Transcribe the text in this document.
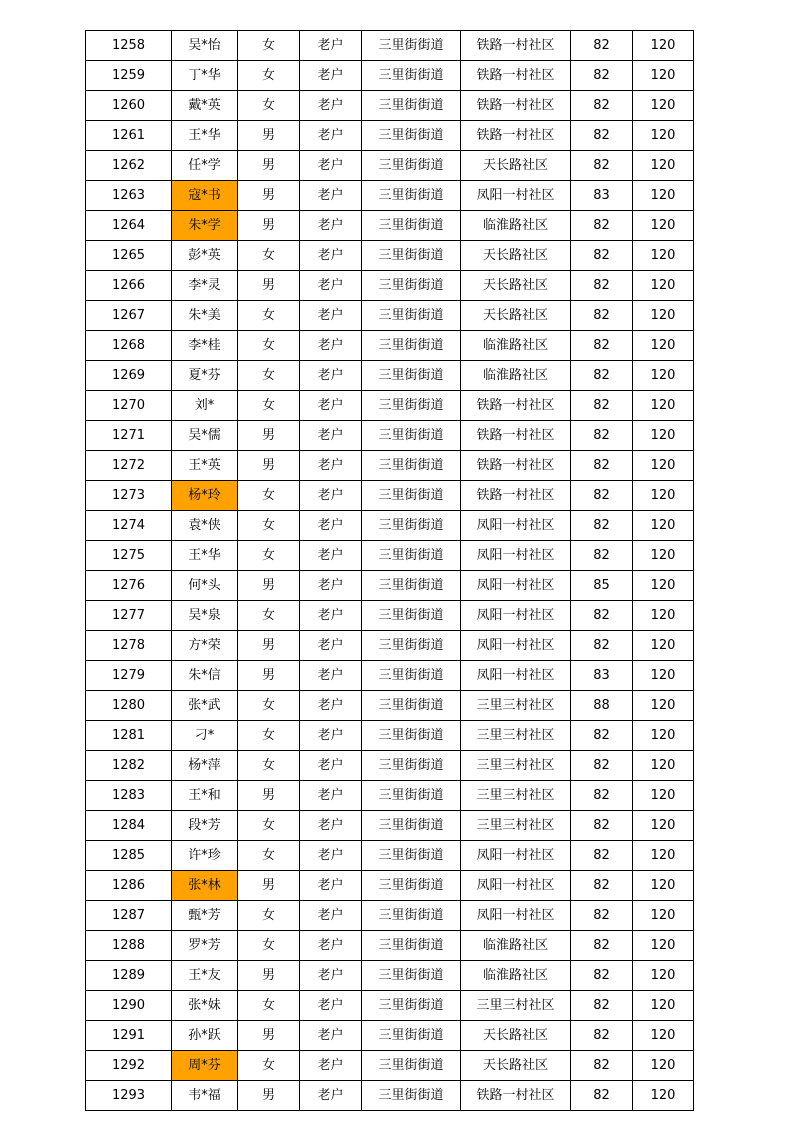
1258	吴*怡	女	老户	三里街街道	铁路一村社区	82	120
1259	丁*华	女	老户	三里街街道	铁路一村社区	82	120
1260	戴*英	女	老户	三里街街道	铁路一村社区	82	120
1261	王*华	男	老户	三里街街道	铁路一村社区	82	120
1262	任*学	男	老户	三里街街道	天长路社区	82	120
1263	寇*书	男	老户	三里街街道	凤阳一村社区	83	120
1264	朱*学	男	老户	三里街街道	临淮路社区	82	120
1265	彭*英	女	老户	三里街街道	天长路社区	82	120
1266	李*灵	男	老户	三里街街道	天长路社区	82	120
1267	朱*美	女	老户	三里街街道	天长路社区	82	120
1268	李*桂	女	老户	三里街街道	临淮路社区	82	120
1269	夏*芬	女	老户	三里街街道	临淮路社区	82	120
1270	刘*	女	老户	三里街街道	铁路一村社区	82	120
1271	吴*儒	男	老户	三里街街道	铁路一村社区	82	120
1272	王*英	男	老户	三里街街道	铁路一村社区	82	120
1273	杨*玲	女	老户	三里街街道	铁路一村社区	82	120
1274	袁*侠	女	老户	三里街街道	凤阳一村社区	82	120
1275	王*华	女	老户	三里街街道	凤阳一村社区	82	120
1276	何*头	男	老户	三里街街道	凤阳一村社区	85	120
1277	吴*泉	女	老户	三里街街道	凤阳一村社区	82	120
1278	方*荣	男	老户	三里街街道	凤阳一村社区	82	120
1279	朱*信	男	老户	三里街街道	凤阳一村社区	83	120
1280	张*武	女	老户	三里街街道	三里三村社区	88	120
1281	刁*	女	老户	三里街街道	三里三村社区	82	120
1282	杨*萍	女	老户	三里街街道	三里三村社区	82	120
1283	王*和	男	老户	三里街街道	三里三村社区	82	120
1284	段*芳	女	老户	三里街街道	三里三村社区	82	120
1285	许*珍	女	老户	三里街街道	凤阳一村社区	82	120
1286	张*林	男	老户	三里街街道	凤阳一村社区	82	120
1287	甄*芳	女	老户	三里街街道	凤阳一村社区	82	120
1288	罗*芳	女	老户	三里街街道	临淮路社区	82	120
1289	王*友	男	老户	三里街街道	临淮路社区	82	120
1290	张*妹	女	老户	三里街街道	三里三村社区	82	120
1291	孙*跃	男	老户	三里街街道	天长路社区	82	120
1292	周*芬	女	老户	三里街街道	天长路社区	82	120
1293	韦*福	男	老户	三里街街道	铁路一村社区	82	120
